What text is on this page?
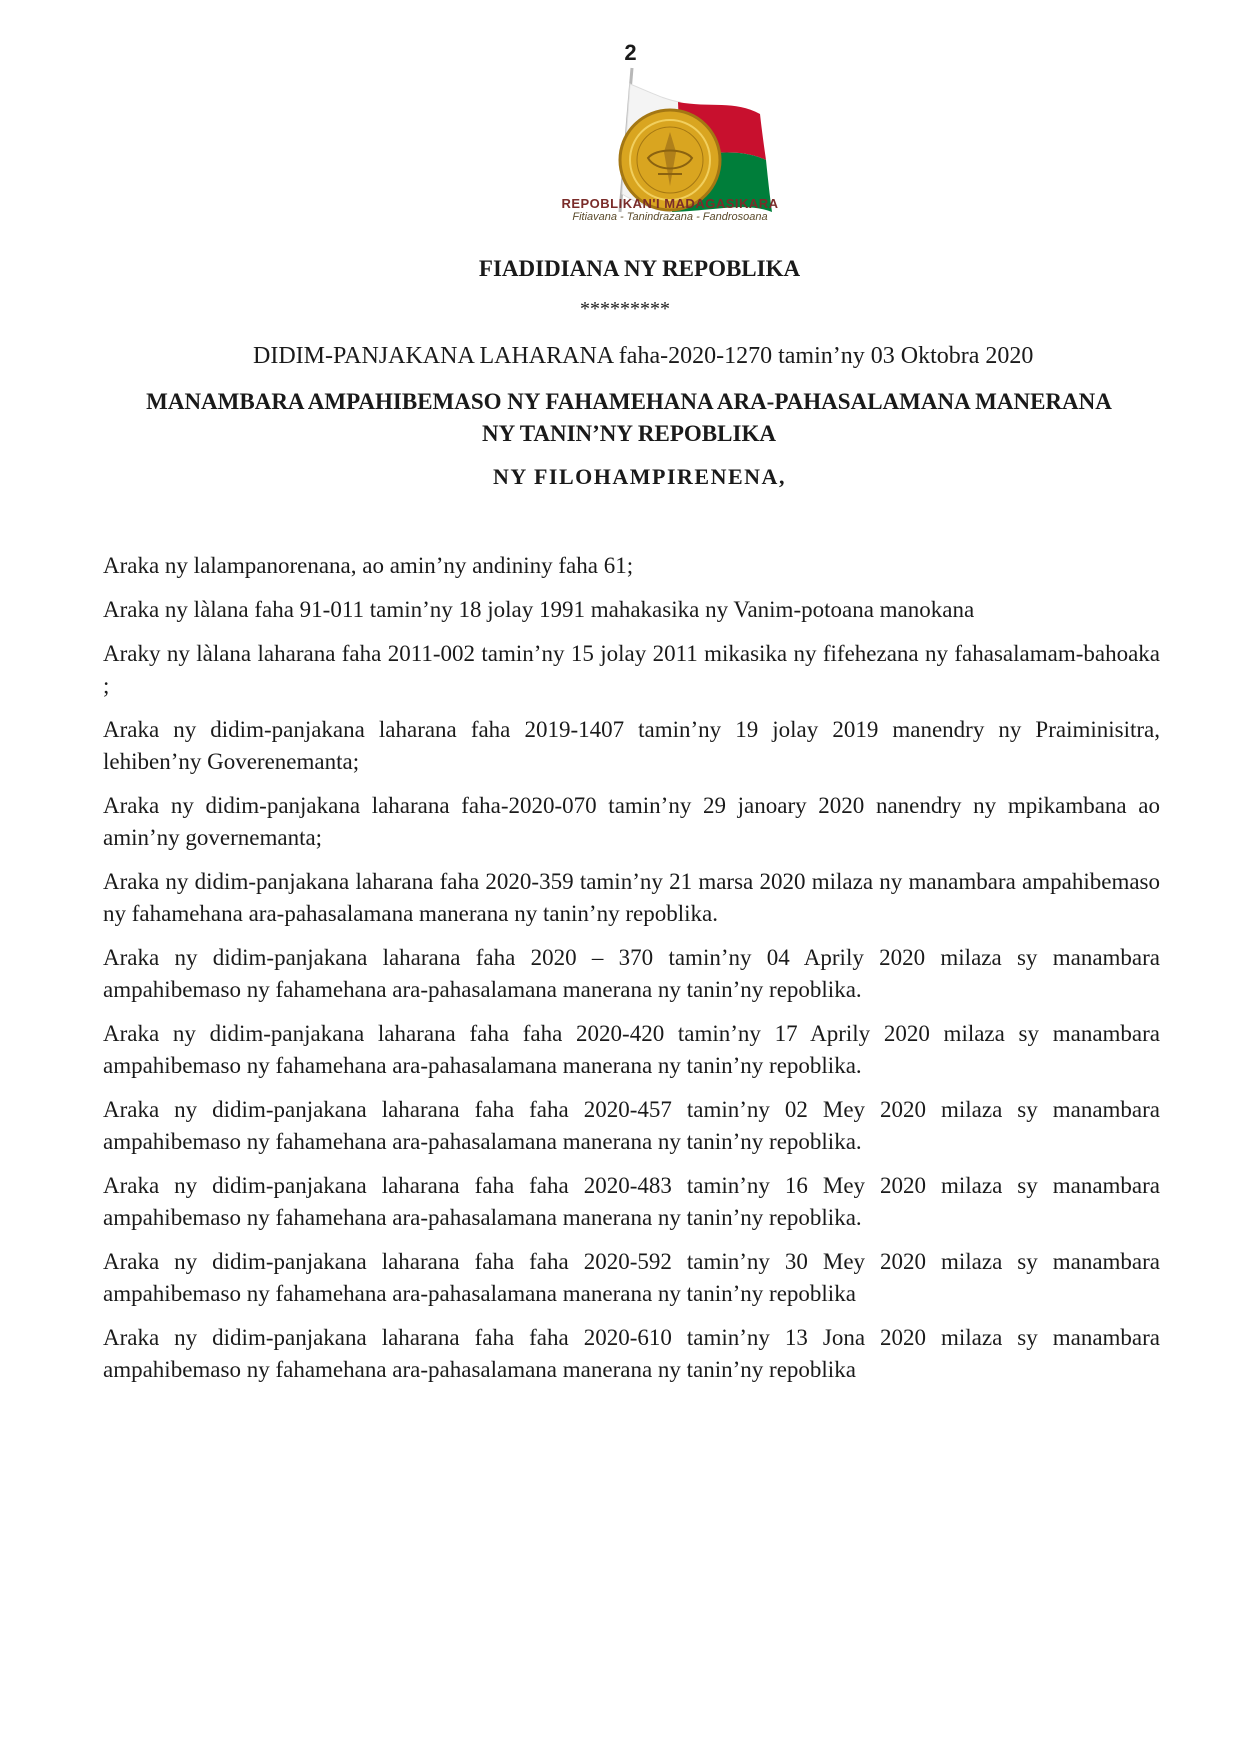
2
REPOBLIKAN'I MADAGASIKARA
Fitiavana - Tanindrazana - Fandrosoana
FIADIDIANA NY REPOBLIKA
*********
DIDIM-PANJAKANA LAHARANA faha-2020-1270 tamin’ny 03 Oktobra 2020
MANAMBARA AMPAHIBEMASO NY FAHAMEHANA ARA-PAHASALAMANA MANERANA
NY TANIN’NY REPOBLIKA
NY FILOHAMPIRENENA,

Araka ny lalampanorenana, ao amin’ny andininy faha 61;

Araka ny làlana faha 91-011 tamin’ny 18 jolay 1991 mahakasika ny Vanim-potoana manokana

Araky ny làlana laharana faha 2011-002 tamin’ny 15 jolay 2011 mikasika ny fifehezana ny fahasalamam-bahoaka ;

Araka ny didim-panjakana laharana faha 2019-1407 tamin’ny 19 jolay 2019 manendry ny Praiminisitra, lehiben’ny Goverenemanta;

Araka ny didim-panjakana laharana faha-2020-070 tamin’ny 29 janoary 2020 nanendry ny mpikambana ao amin’ny governemanta;

Araka ny didim-panjakana laharana faha 2020-359 tamin’ny 21 marsa 2020 milaza ny manambara ampahibemaso ny fahamehana ara-pahasalamana manerana ny tanin’ny repoblika.

Araka ny didim-panjakana laharana faha 2020 – 370 tamin’ny 04 Aprily 2020 milaza sy manambara ampahibemaso ny fahamehana ara-pahasalamana manerana ny tanin’ny repoblika.

Araka ny didim-panjakana laharana faha faha 2020-420 tamin’ny 17 Aprily 2020 milaza sy manambara ampahibemaso ny fahamehana ara-pahasalamana manerana ny tanin’ny repoblika.

Araka ny didim-panjakana laharana faha faha 2020-457 tamin’ny 02 Mey 2020 milaza sy manambara ampahibemaso ny fahamehana ara-pahasalamana manerana ny tanin’ny repoblika.

Araka ny didim-panjakana laharana faha faha 2020-483 tamin’ny 16 Mey 2020 milaza sy manambara ampahibemaso ny fahamehana ara-pahasalamana manerana ny tanin’ny repoblika.

Araka ny didim-panjakana laharana faha faha 2020-592 tamin’ny 30 Mey 2020 milaza sy manambara ampahibemaso ny fahamehana ara-pahasalamana manerana ny tanin’ny repoblika

Araka ny didim-panjakana laharana faha faha 2020-610 tamin’ny 13 Jona 2020 milaza sy manambara ampahibemaso ny fahamehana ara-pahasalamana manerana ny tanin’ny repoblika
